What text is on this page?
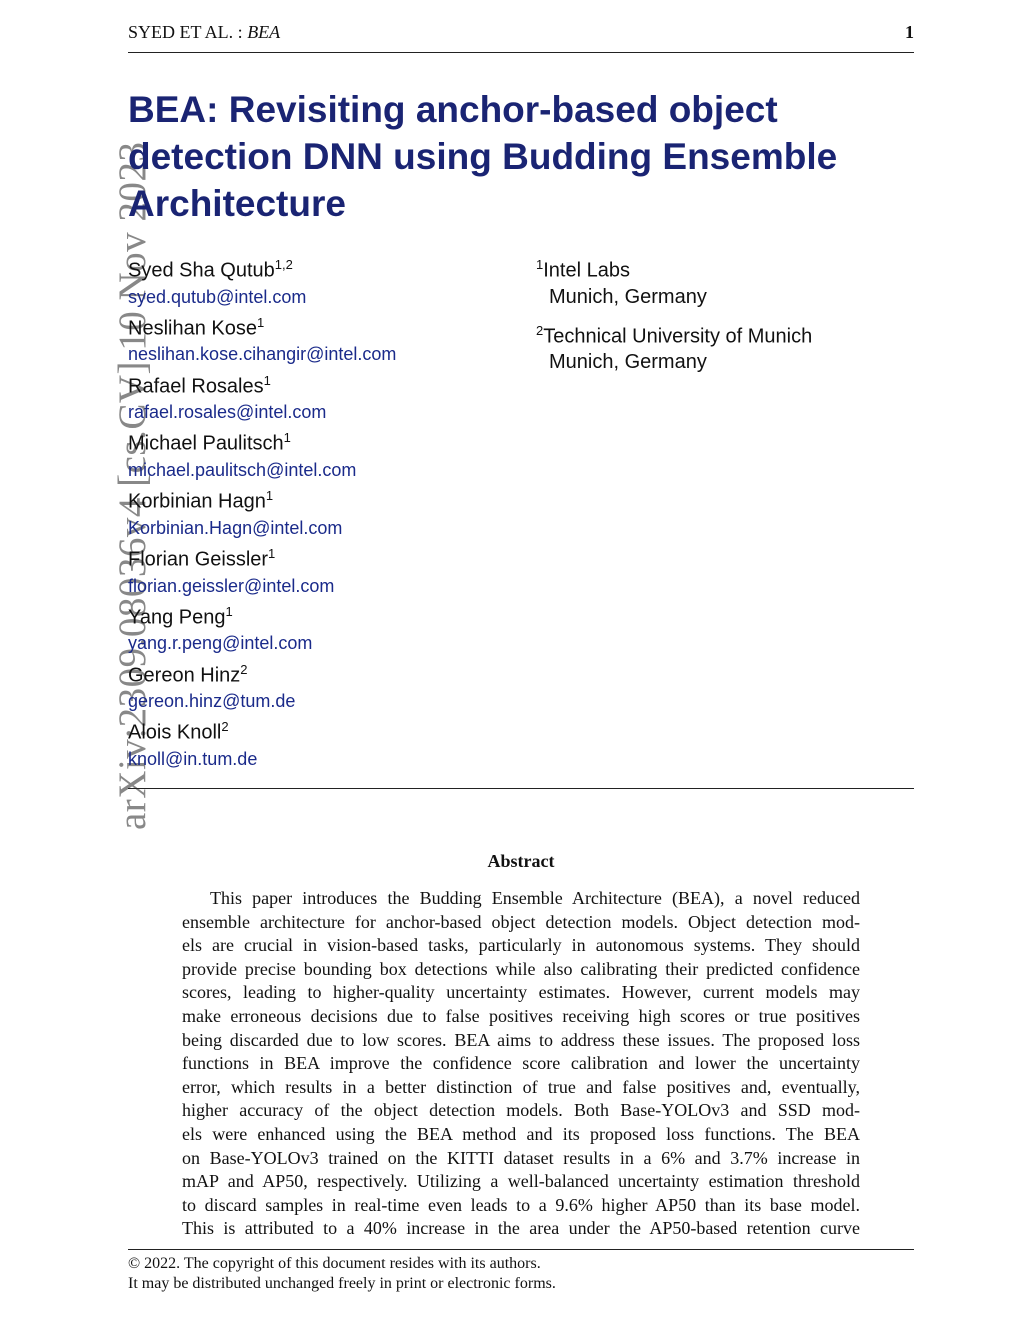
SYED ET AL. : BEA	1
arXiv:2309.08036v4 [cs.CV] 10 Nov 2023
BEA: Revisiting anchor-based object
detection DNN using Budding Ensemble
Architecture
Syed Sha Qutub$^{1,2}$
syed.qutub@intel.com
Neslihan Kose$^1$
neslihan.kose.cihangir@intel.com
Rafael Rosales$^1$
rafael.rosales@intel.com
Michael Paulitsch$^1$
michael.paulitsch@intel.com
Korbinian Hagn$^1$
Korbinian.Hagn@intel.com
Florian Geissler$^1$
florian.geissler@intel.com
Yang Peng$^1$
yang.r.peng@intel.com
Gereon Hinz$^2$
gereon.hinz@tum.de
Alois Knoll$^2$
knoll@in.tum.de
$^1$Intel Labs
Munich, Germany
$^2$Technical University of Munich
Munich, Germany
Abstract
This paper introduces the Budding Ensemble Architecture (BEA), a novel reduced
ensemble architecture for anchor-based object detection models. Object detection mod-
els are crucial in vision-based tasks, particularly in autonomous systems. They should
provide precise bounding box detections while also calibrating their predicted confidence
scores, leading to higher-quality uncertainty estimates. However, current models may
make erroneous decisions due to false positives receiving high scores or true positives
being discarded due to low scores. BEA aims to address these issues. The proposed loss
functions in BEA improve the confidence score calibration and lower the uncertainty
error, which results in a better distinction of true and false positives and, eventually,
higher accuracy of the object detection models. Both Base-YOLOv3 and SSD mod-
els were enhanced using the BEA method and its proposed loss functions. The BEA
on Base-YOLOv3 trained on the KITTI dataset results in a 6% and 3.7% increase in
mAP and AP50, respectively. Utilizing a well-balanced uncertainty estimation threshold
to discard samples in real-time even leads to a 9.6% higher AP50 than its base model.
This is attributed to a 40% increase in the area under the AP50-based retention curve
© 2022. The copyright of this document resides with its authors.
It may be distributed unchanged freely in print or electronic forms.
